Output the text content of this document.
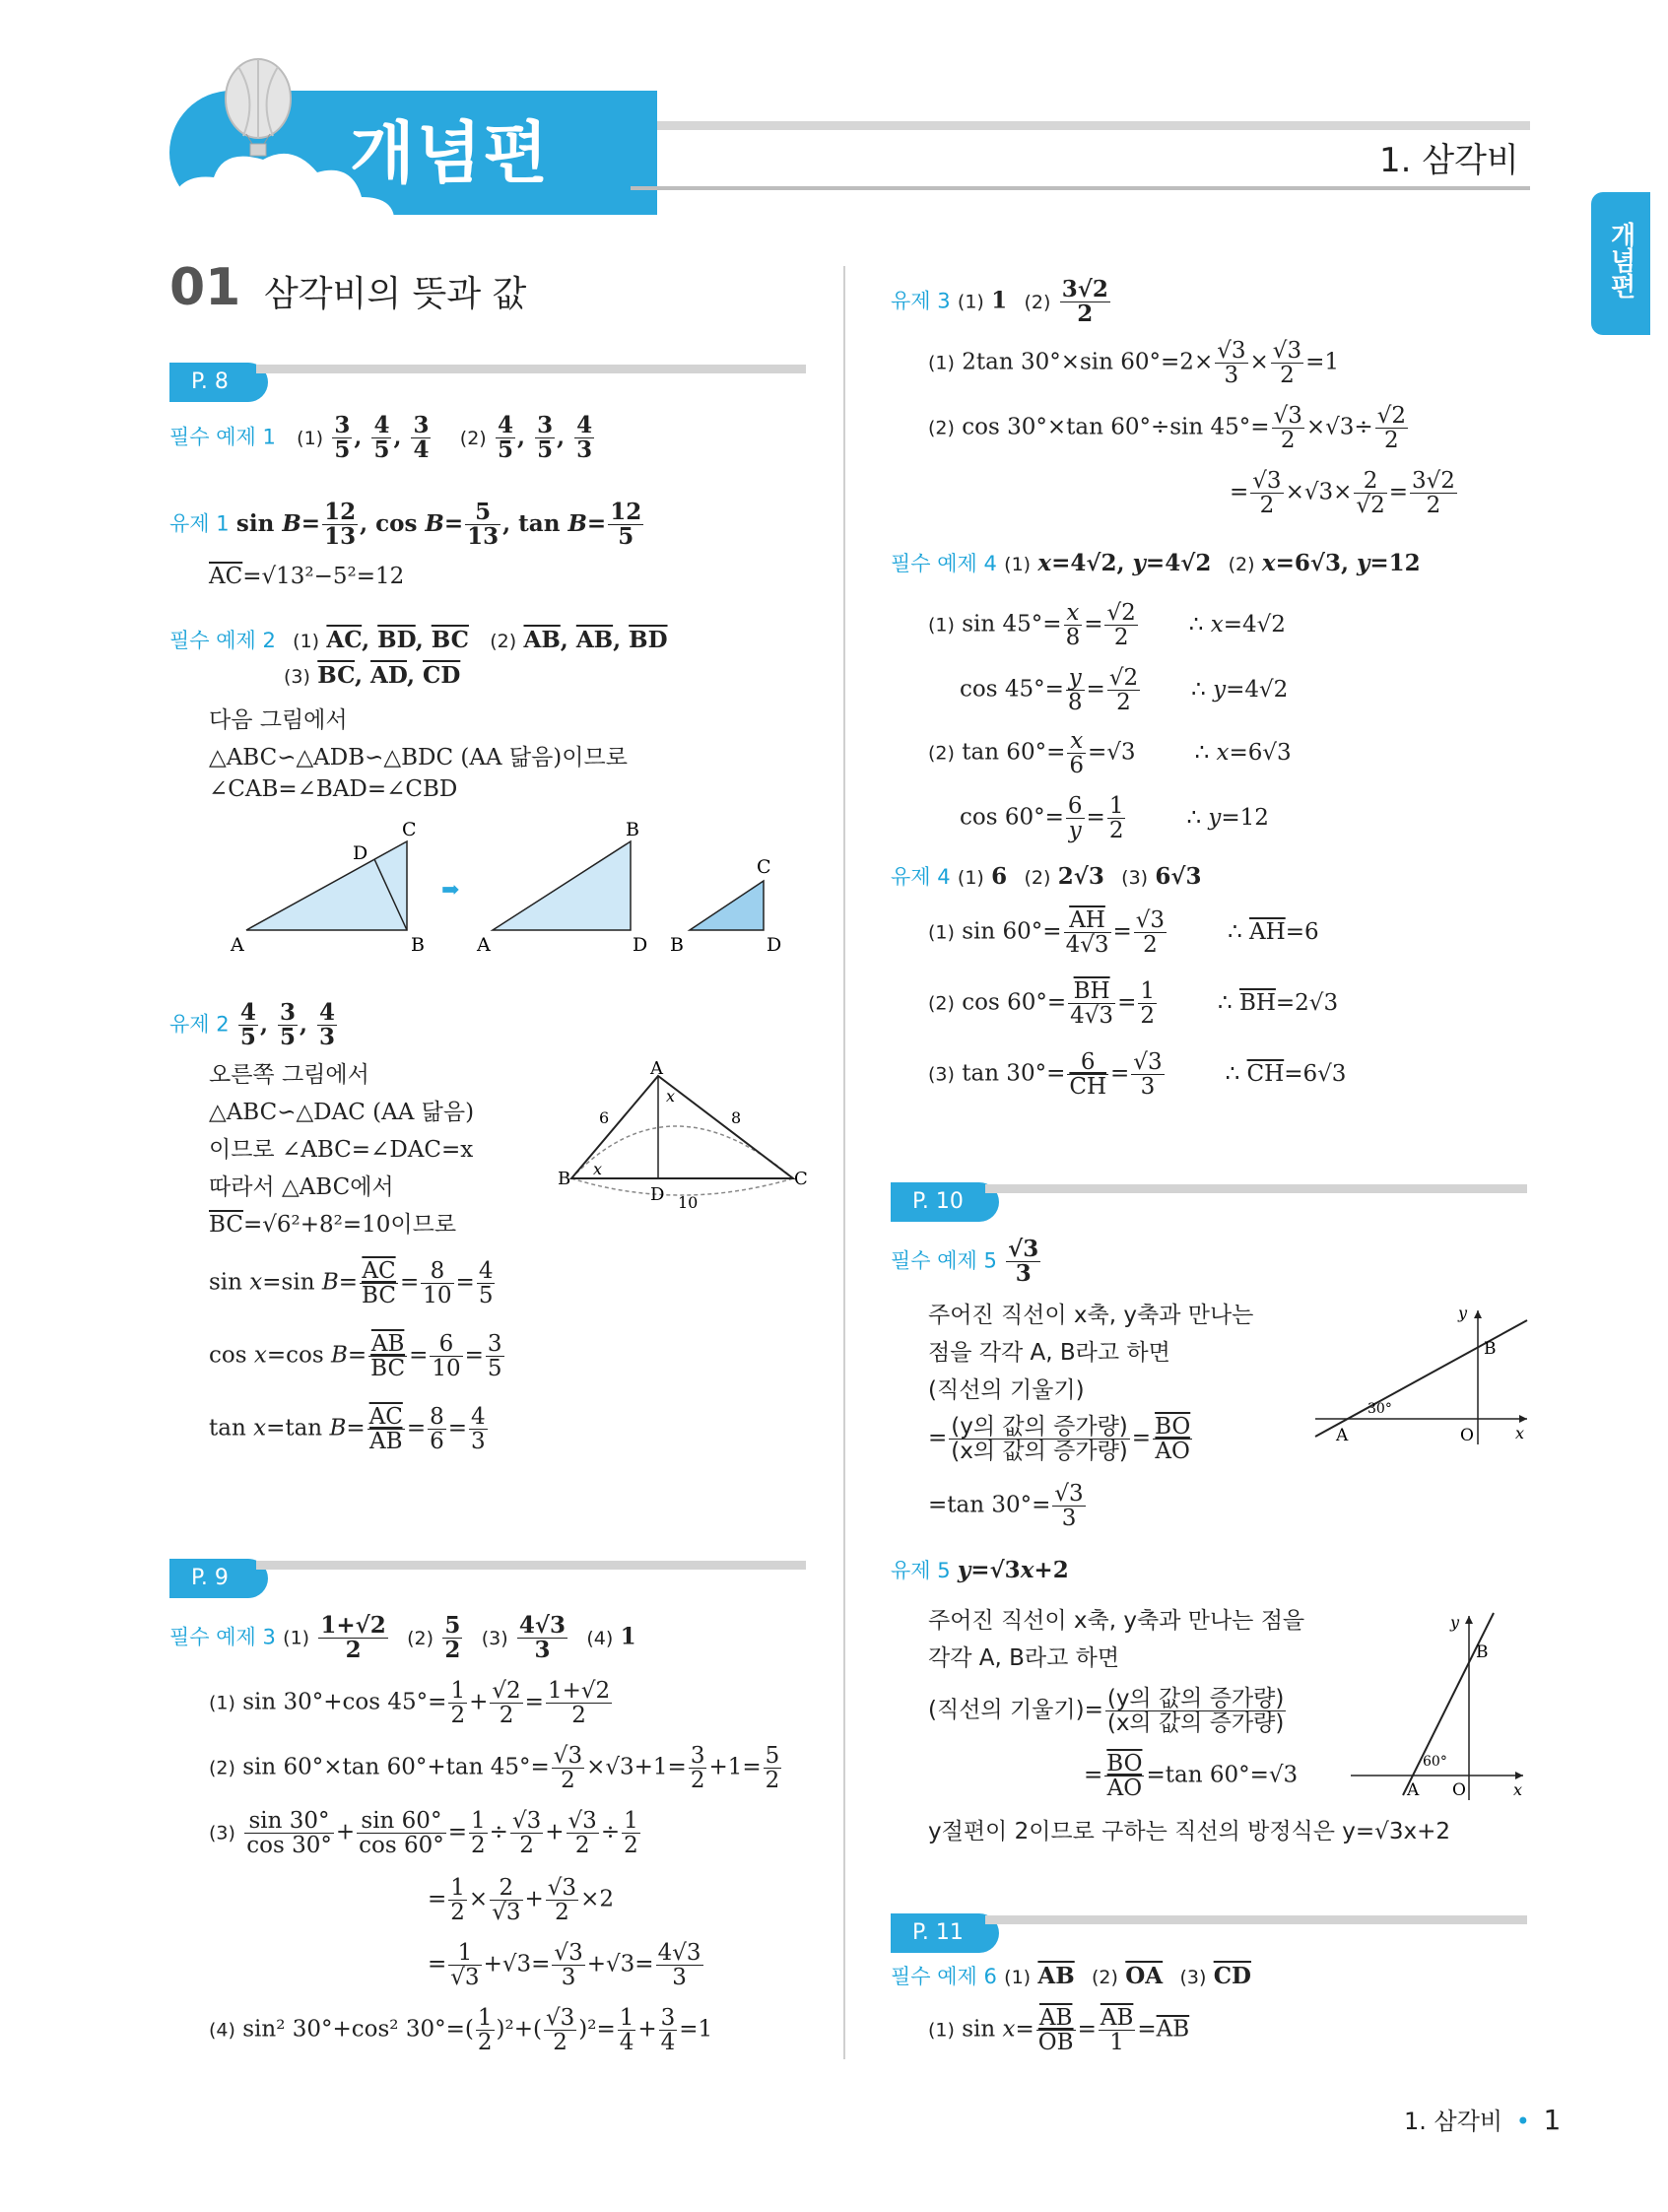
개념편	1. 삼각비
개념편
01 삼각비의 뜻과 값
P. 8
필수 예제 1 $(1) \frac{3}{5}$ , $\frac{4}{5}$ , $\frac{3}{4} (2) \frac{4}{5}$ , $\frac{3}{5}$ , $\frac{4}{3}$
유제 1 $\sin B= \frac{12}{13}$ , $\cos B= \frac{5}{13}$ , $\tan B= \frac{12}{5}$
$\overline{AC}=√13^2-5^2=12$
필수 예제 2 (1) $\overline{AC}$, $\overline{BD}$, $\overline{BC}$ (2) $\overline{AB}$, $\overline{AB}$, $\overline{BD}$
(3) $\overline{BC}$, $\overline{AD}$, $\overline{CD}$
다음 그림에서
△ABC∽△ADB∽△BDC (AA 닮음)이므로
∠CAB=∠BAD=∠CBD
A	B
C
D
➡
A	D
B
B	D
C
유제 $2 \frac{4}{5}$ , $\frac{3}{5}$ , $\frac{4}{3}$
오른쪽 그림에서
△ABC∽△DAC (AA 닮음)
이므로 ∠ABC=∠DAC=x
따라서 △ABC에서
$\overline{BC}=√6^2+8^2=10$이므로
A
B	C
D
6	8
10
x
x
sin x=sin $B= \frac{\overline{AC}}{BC} = \frac{8}{10} = \frac{4}{5}$
cos x=cos $B= \frac{\overline{AB}}{BC} = \frac{6}{10} = \frac{3}{5}$
tan x=tan $B= \frac{\overline{AC}}{AB} = \frac{8}{6} = \frac{4}{3}$
P. 9
필수 예제 3 $(1) \frac{1+√2}{2} (2) \frac{5}{2} (3) \frac{4√3}{3} (4)$ 1
(1) sin 30°+cos $45^\circ= \frac{1}{2} + \frac{√2}{2} = \frac{1+√2}{2}$
(2) sin 60°×tan 60°+tan $45^\circ= \frac{√3}{2} \times√3+1= \frac{3}{2} +1= \frac{5}{2}$
$(3) \frac{\sin 30^\circ}{\cos 30^\circ} + \frac{\sin 60^\circ}{\cos 60^\circ} = \frac{1}{2} \div \frac{√3}{2} + \frac{√3}{2} \div \frac{1}{2}$
= $\frac{1}{2} \times \frac{2}{√3} + \frac{√3}{2} \times 2$
= $\frac{1}{√3} +√3= \frac{√3}{3} +√3= \frac{4√3}{3}$
(4) sin² 30°+cos² $30^\circ=( \frac{1}{2} )^2+( \frac{√3}{2} )^2= \frac{1}{4} + \frac{3}{4} =1$
유제 3 (1) 1 $(2) \frac{3√2}{2}$
(1) 2tan 30°×sin $60^\circ=2\times \frac{√3}{3} \times \frac{√3}{2} =1$
(2) cos 30°×tan 60°÷sin $45^\circ= \frac{√3}{2} \times√3\div \frac{√2}{2}$
= $\frac{√3}{2} \times√3\times \frac{2}{√2} = \frac{3√2}{2}$
필수 예제 4 (1) x=4√2, y=4√2 (2) x=6√3, y=12
(1) $\sin 45^\circ= \frac{x}{8} = \frac{√2}{2}$ ∴ x=4√2
$\cos 45^\circ= \frac{y}{8} = \frac{√2}{2}$ ∴ y=4√2
(2) $\tan 60^\circ= \frac{x}{6} =√3$	∴ x=6√3
$\cos 60^\circ= \frac{6}{y} = \frac{1}{2}$	∴ y=12
유제 4 (1) 6 (2) 2√3 (3) 6√3
(1) $\sin 60^\circ= \frac{\overline{AH}}{4√3} = \frac{√3}{2}$	∴ $\overline{AH}=6$
(2) $\cos 60^\circ= \frac{\overline{BH}}{4√3} = \frac{1}{2}$	∴ $\overline{BH}=2√3$
(3) $\tan 30^\circ= \frac{6}{CH} = \frac{√3}{3}$	∴ $\overline{CH}=6√3$
P. 10
필수 예제 $5 \frac{√3}{3}$
주어진 직선이 x축, y축과 만나는
점을 각각 A, B라고 하면
(직선의 기울기)
= $\frac{\text{(y의 값의 증가량)}}{\text{(x의 값의 증가량)}} = \frac{\overline{BO}}{AO}$
=tan $30^\circ= \frac{√3}{3}$
y
x
B
A	O
30°
유제 5 y=√3x+2
주어진 직선이 x축, y축과 만나는 점을
각각 A, B라고 하면
(직선의 기울기)= $\frac{\text{(y의 값의 증가량)}}{\text{(x의 값의 증가량)}}$
= $\frac{\overline{BO}}{AO} =\tan$ 60°=√3
y절편이 2이므로 구하는 직선의 방정식은 y=√3x+2
y
x
B
A O
60°
P. 11
필수 예제 6 (1) $\overline{AB}$ (2) $\overline{OA}$ (3) $\overline{CD}$
(1) $\sin x= \frac{\overline{AB}}{OB} = \frac{\overline{AB}}{1} =\overline{AB}$
1. 삼각비 • 1
